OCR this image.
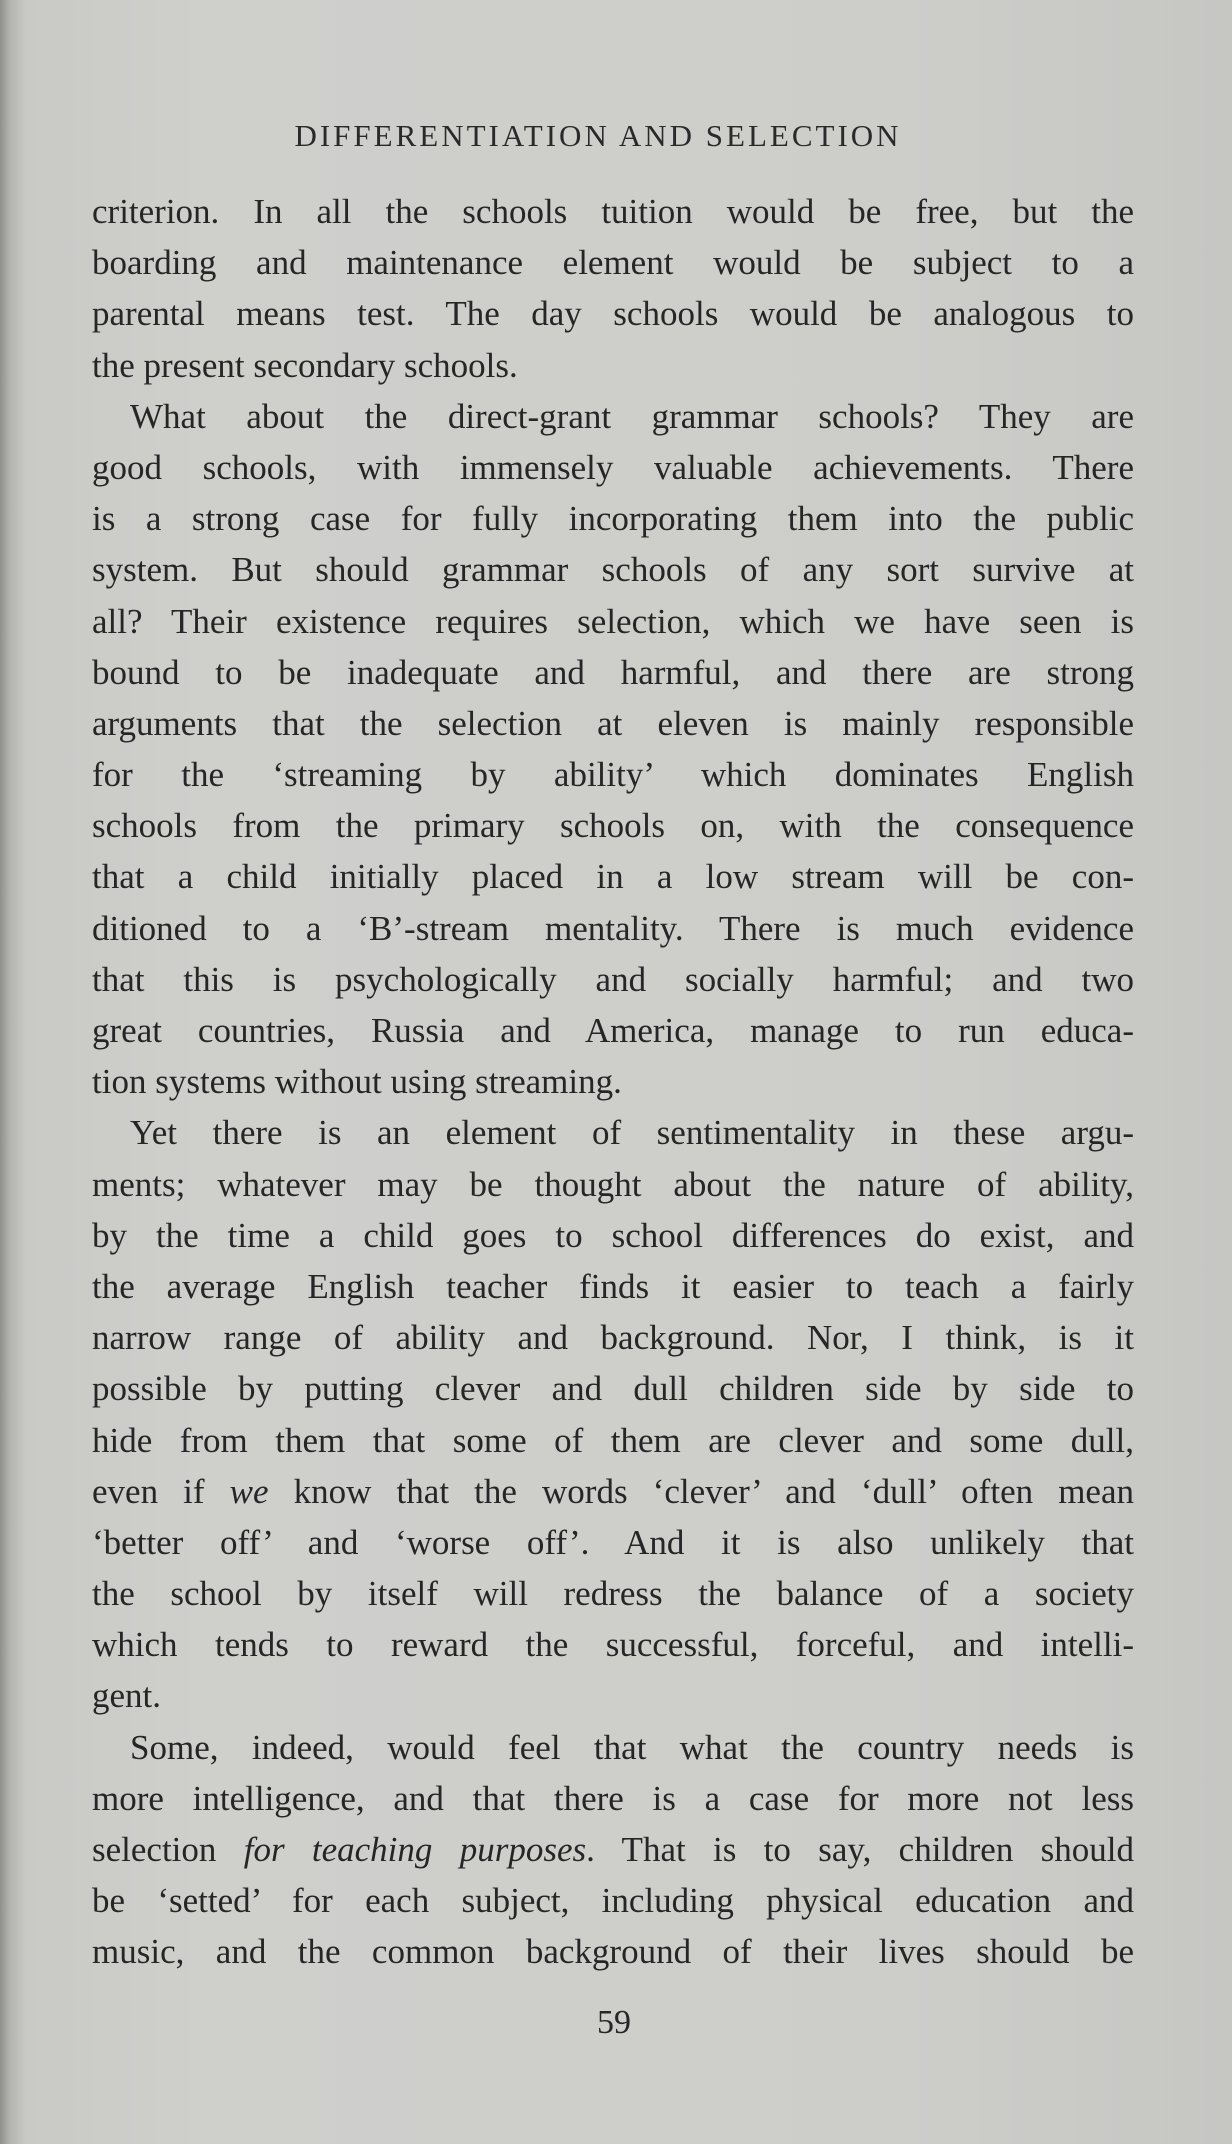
DIFFERENTIATION AND SELECTION
criterion. In all the schools tuition would be free, but the
boarding and maintenance element would be subject to a
parental means test. The day schools would be analogous to
the present secondary schools.
What about the direct-grant grammar schools? They are
good schools, with immensely valuable achievements. There
is a strong case for fully incorporating them into the public
system. But should grammar schools of any sort survive at
all? Their existence requires selection, which we have seen is
bound to be inadequate and harmful, and there are strong
arguments that the selection at eleven is mainly responsible
for the ‘streaming by ability’ which dominates English
schools from the primary schools on, with the consequence
that a child initially placed in a low stream will be con-
ditioned to a ‘B’-stream mentality. There is much evidence
that this is psychologically and socially harmful; and two
great countries, Russia and America, manage to run educa-
tion systems without using streaming.
Yet there is an element of sentimentality in these argu-
ments; whatever may be thought about the nature of ability,
by the time a child goes to school differences do exist, and
the average English teacher finds it easier to teach a fairly
narrow range of ability and background. Nor, I think, is it
possible by putting clever and dull children side by side to
hide from them that some of them are clever and some dull,
even if we know that the words ‘clever’ and ‘dull’ often mean
‘better off’ and ‘worse off’. And it is also unlikely that
the school by itself will redress the balance of a society
which tends to reward the successful, forceful, and intelli-
gent.
Some, indeed, would feel that what the country needs is
more intelligence, and that there is a case for more not less
selection for teaching purposes. That is to say, children should
be ‘setted’ for each subject, including physical education and
music, and the common background of their lives should be
59
